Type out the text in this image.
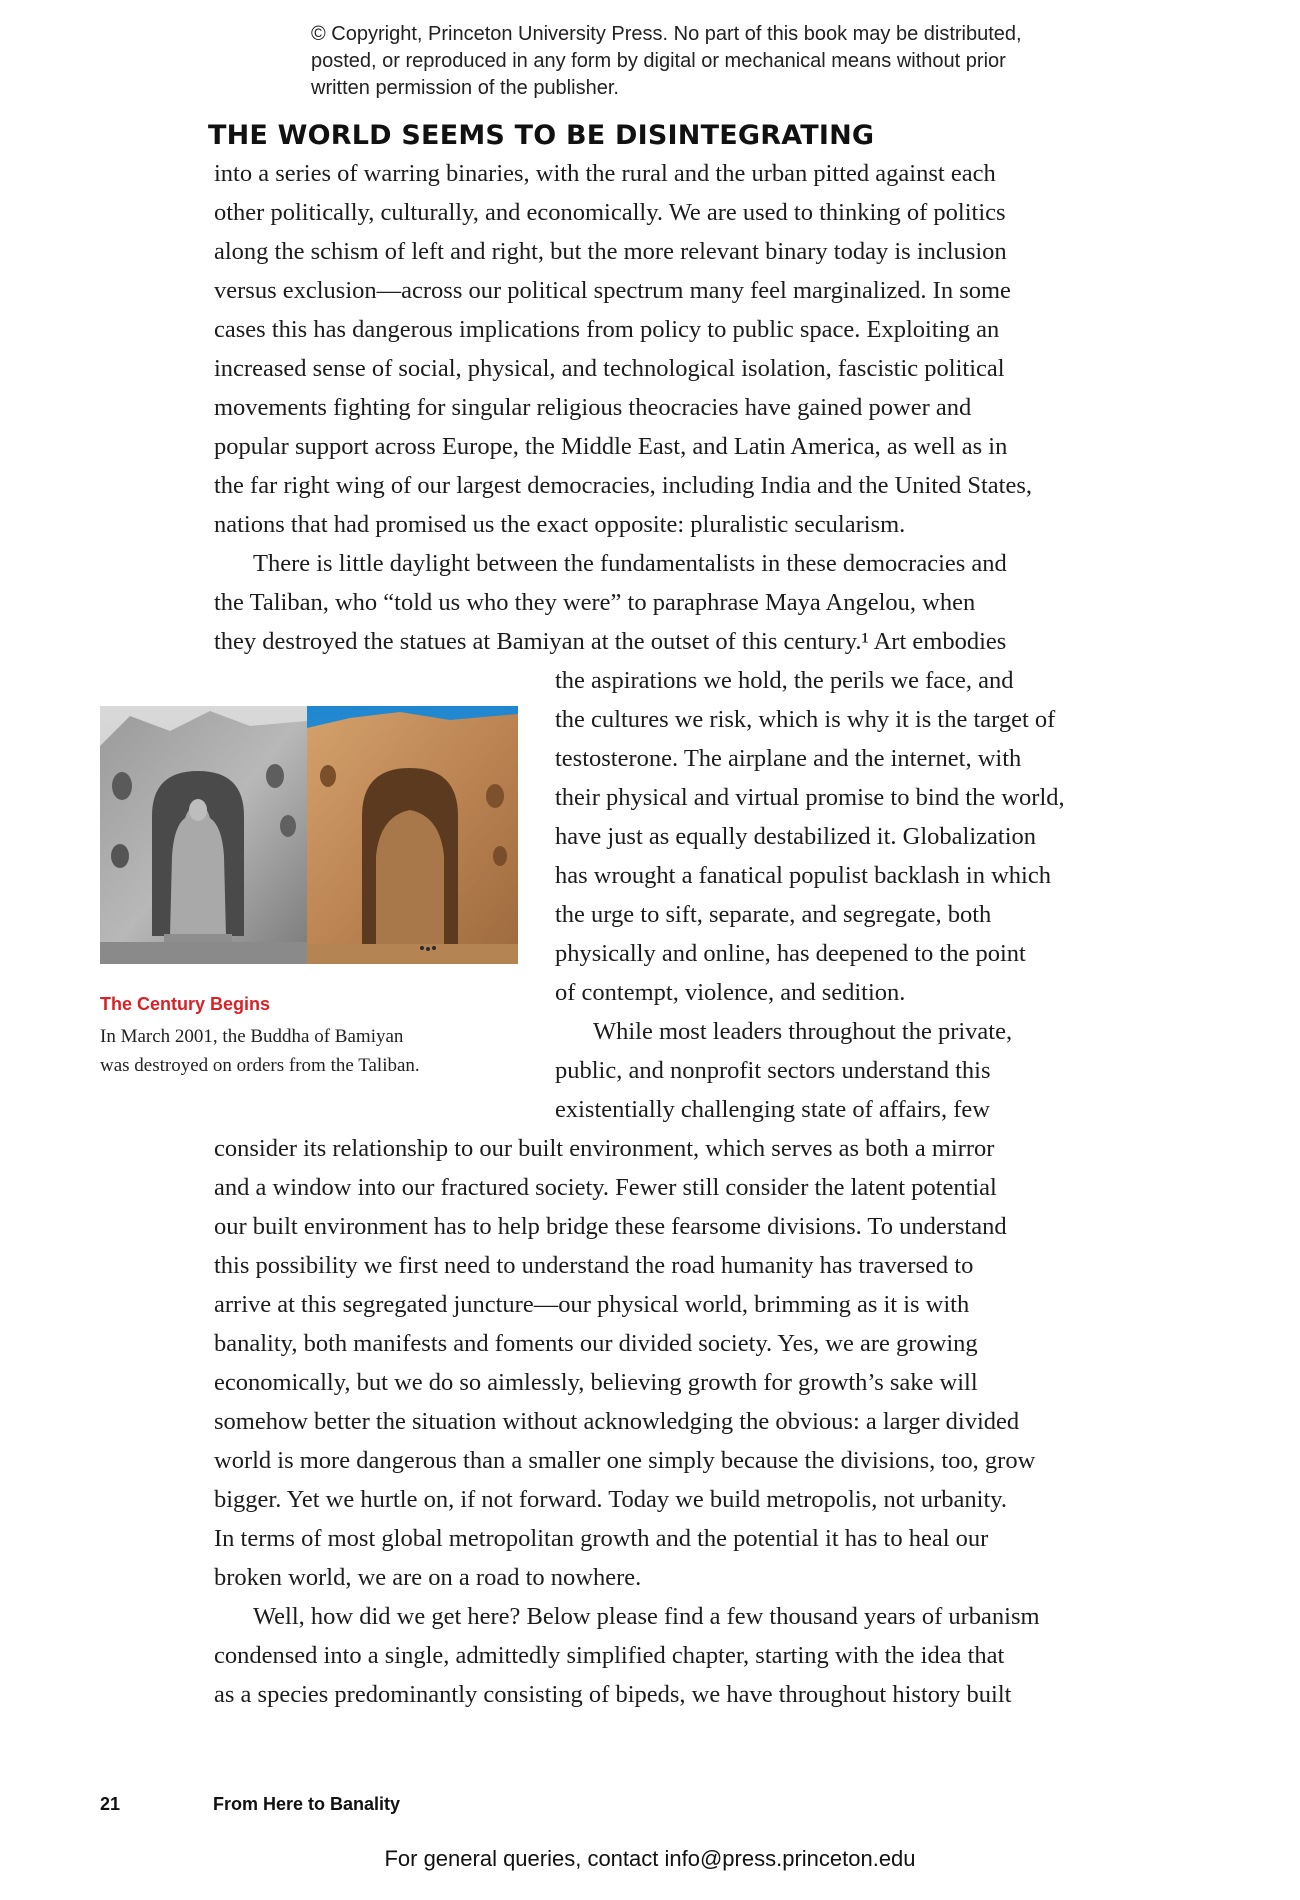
© Copyright, Princeton University Press. No part of this book may be distributed, posted, or reproduced in any form by digital or mechanical means without prior written permission of the publisher.
THE WORLD SEEMS TO BE DISINTEGRATING

into a series of warring binaries, with the rural and the urban pitted against each

other politically, culturally, and economically. We are used to thinking of politics

along the schism of left and right, but the more relevant binary today is inclusion

versus exclusion—across our political spectrum many feel marginalized. In some

cases this has dangerous implications from policy to public space. Exploiting an

increased sense of social, physical, and technological isolation, fascistic political

movements fighting for singular religious theocracies have gained power and

popular support across Europe, the Middle East, and Latin America, as well as in

the far right wing of our largest democracies, including India and the United States,

nations that had promised us the exact opposite: pluralistic secularism.

There is little daylight between the fundamentalists in these democracies and

the Taliban, who “told us who they were” to paraphrase Maya Angelou, when

they destroyed the statues at Bamiyan at the outset of this century.¹ Art embodies

the aspirations we hold, the perils we face, and

the cultures we risk, which is why it is the target of

testosterone. The airplane and the internet, with

their physical and virtual promise to bind the world,

have just as equally destabilized it. Globalization

has wrought a fanatical populist backlash in which

the urge to sift, separate, and segregate, both

physically and online, has deepened to the point

of contempt, violence, and sedition.

While most leaders throughout the private,

public, and nonprofit sectors understand this

existentially challenging state of affairs, few

consider its relationship to our built environment, which serves as both a mirror

and a window into our fractured society. Fewer still consider the latent potential

our built environment has to help bridge these fearsome divisions. To understand

this possibility we first need to understand the road humanity has traversed to

arrive at this segregated juncture—our physical world, brimming as it is with

banality, both manifests and foments our divided society. Yes, we are growing

economically, but we do so aimlessly, believing growth for growth’s sake will

somehow better the situation without acknowledging the obvious: a larger divided

world is more dangerous than a smaller one simply because the divisions, too, grow

bigger. Yet we hurtle on, if not forward. Today we build metropolis, not urbanity.

In terms of most global metropolitan growth and the potential it has to heal our

broken world, we are on a road to nowhere.

Well, how did we get here? Below please find a few thousand years of urbanism

condensed into a single, admittedly simplified chapter, starting with the idea that

as a species predominantly consisting of bipeds, we have throughout history built

The Century Begins

In March 2001, the Buddha of Bamiyan
was destroyed on orders from the Taliban.
21	From Here to Banality
For general queries, contact info@press.princeton.edu
